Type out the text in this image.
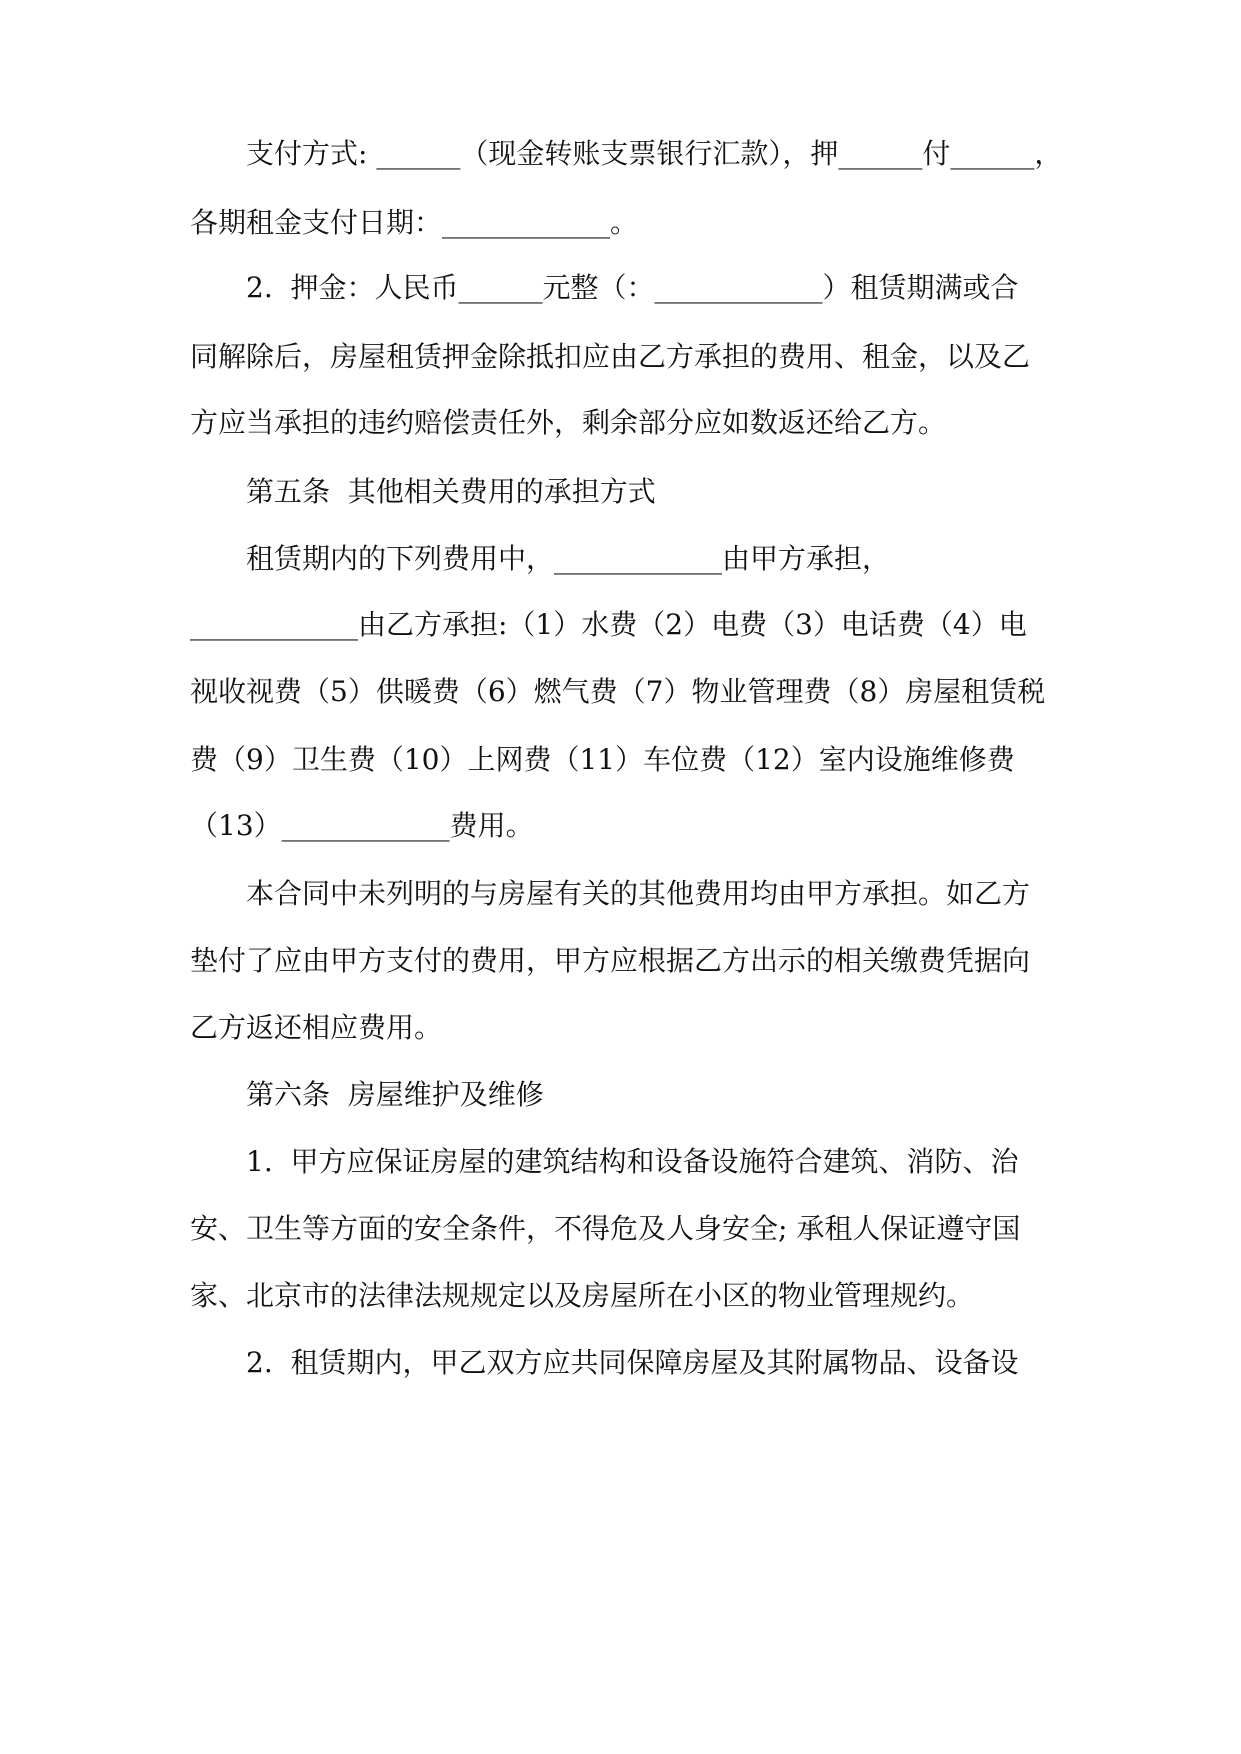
支付方式: ______（现金转账支票银行汇款），押______付______，
各期租金支付日期：____________。
2.  押金：人民币______元整（：____________）租赁期满或合
同解除后，房屋租赁押金除抵扣应由乙方承担的费用、租金，以及乙
方应当承担的违约赔偿责任外，剩余部分应如数返还给乙方。
第五条  其他相关费用的承担方式
租赁期内的下列费用中，____________由甲方承担，
____________由乙方承担:（1）水费（2）电费（3）电话费（4）电
视收视费（5）供暖费（6）燃气费（7）物业管理费（8）房屋租赁税
费（9）卫生费（10）上网费（11）车位费（12）室内设施维修费
（13）____________费用。
本合同中未列明的与房屋有关的其他费用均由甲方承担。如乙方
垫付了应由甲方支付的费用，甲方应根据乙方出示的相关缴费凭据向
乙方返还相应费用。
第六条  房屋维护及维修
1.  甲方应保证房屋的建筑结构和设备设施符合建筑、消防、治
安、卫生等方面的安全条件，不得危及人身安全; 承租人保证遵守国
家、北京市的法律法规规定以及房屋所在小区的物业管理规约。
2.  租赁期内，甲乙双方应共同保障房屋及其附属物品、设备设
